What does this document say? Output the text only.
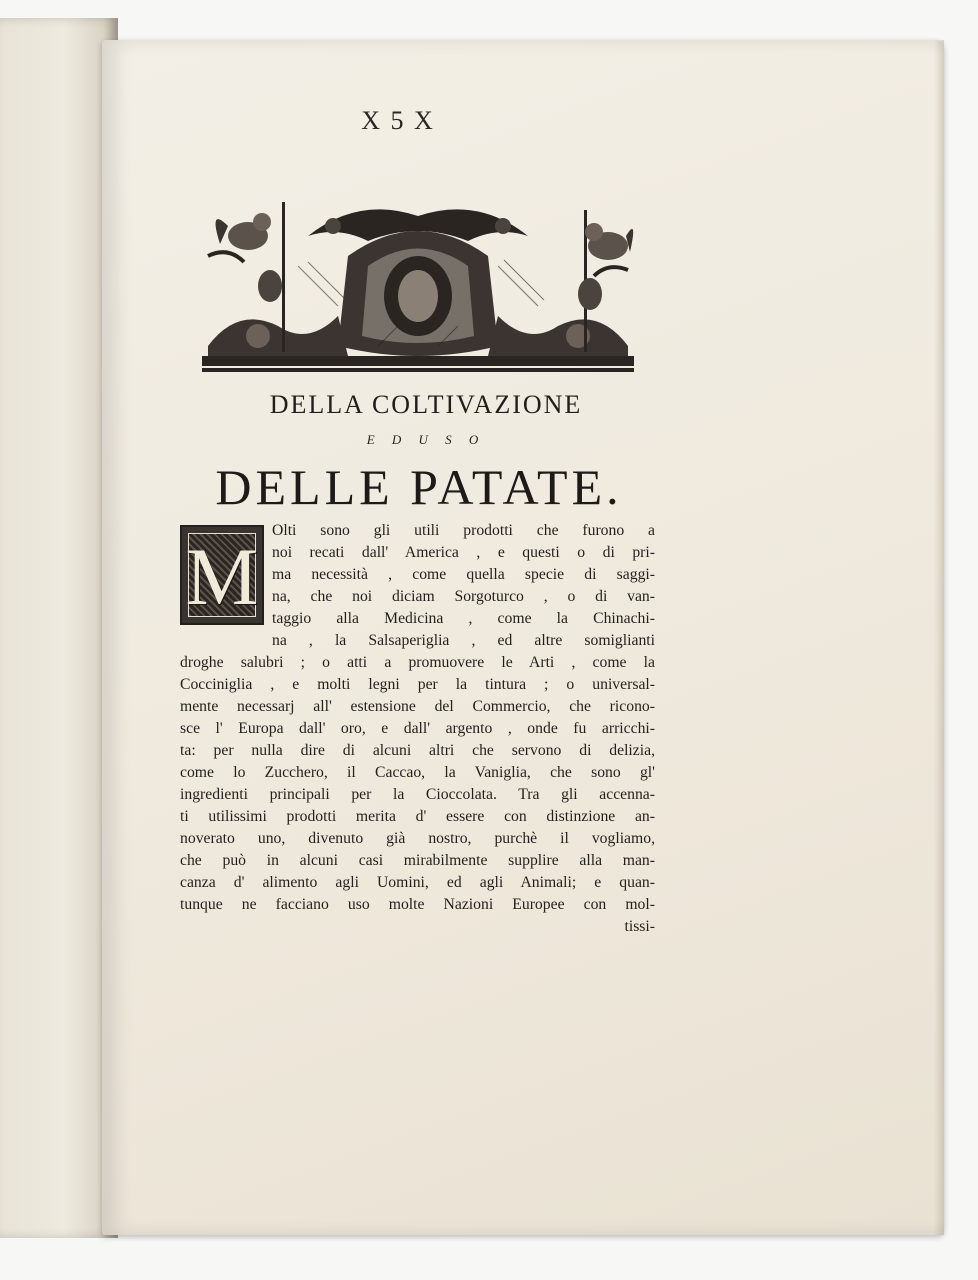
X 5 X
DELLA COLTIVAZIONE
E D U S O
DELLE PATATE.
M
Olti sono gli utili prodotti che furono a
noi recati dall' America , e questi o di pri-
ma necessità , come quella specie di saggi-
na, che noi diciam Sorgoturco , o di van-
taggio alla Medicina , come la Chinachi-
na , la Salsaperiglia , ed altre somiglianti
droghe salubri ; o atti a promuovere le Arti , come la
Cocciniglia , e molti legni per la tintura ; o universal-
mente necessarj all' estensione del Commercio, che ricono-
sce l' Europa dall' oro, e dall' argento , onde fu arricchi-
ta: per nulla dire di alcuni altri che servono di delizia,
come lo Zucchero, il Caccao, la Vaniglia, che sono gl'
ingredienti principali per la Cioccolata. Tra gli accenna-
ti utilissimi prodotti merita d' essere con distinzione an-
noverato uno, divenuto già nostro, purchè il vogliamo,
che può in alcuni casi mirabilmente supplire alla man-
canza d' alimento agli Uomini, ed agli Animali; e quan-
tunque ne facciano uso molte Nazioni Europee con mol-
tissi-
